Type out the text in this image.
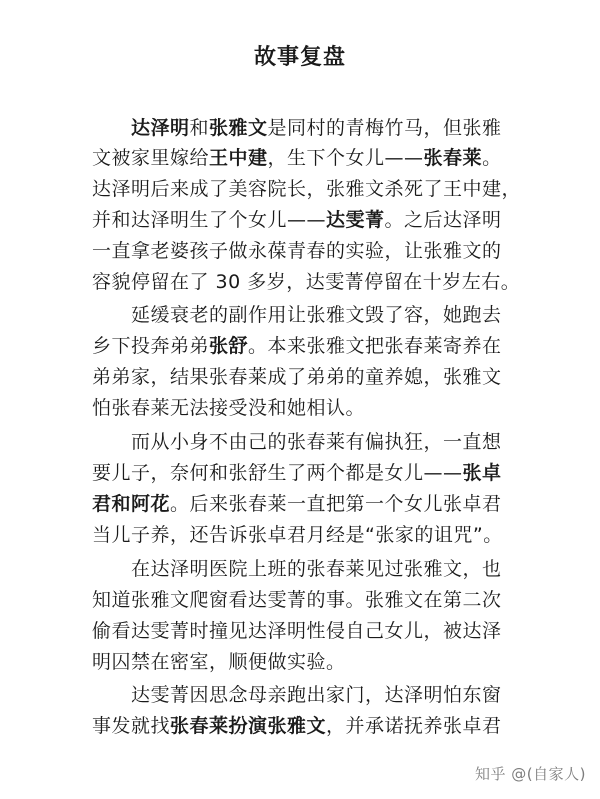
故事复盘
达泽明和张雅文是同村的青梅竹马，但张雅
文被家里嫁给王中建，生下个女儿——张春莱。
达泽明后来成了美容院长，张雅文杀死了王中建，
并和达泽明生了个女儿——达雯菁。之后达泽明
一直拿老婆孩子做永葆青春的实验，让张雅文的
容貌停留在了 30 多岁，达雯菁停留在十岁左右。
延缓衰老的副作用让张雅文毁了容，她跑去
乡下投奔弟弟张舒。本来张雅文把张春莱寄养在
弟弟家，结果张春莱成了弟弟的童养媳，张雅文
怕张春莱无法接受没和她相认。
而从小身不由己的张春莱有偏执狂，一直想
要儿子，奈何和张舒生了两个都是女儿——张卓
君和阿花。后来张春莱一直把第一个女儿张卓君
当儿子养，还告诉张卓君月经是“张家的诅咒”。
在达泽明医院上班的张春莱见过张雅文，也
知道张雅文爬窗看达雯菁的事。张雅文在第二次
偷看达雯菁时撞见达泽明性侵自己女儿，被达泽
明囚禁在密室，顺便做实验。
达雯菁因思念母亲跑出家门，达泽明怕东窗
事发就找张春莱扮演张雅文，并承诺抚养张卓君
知乎 @(自家人)
